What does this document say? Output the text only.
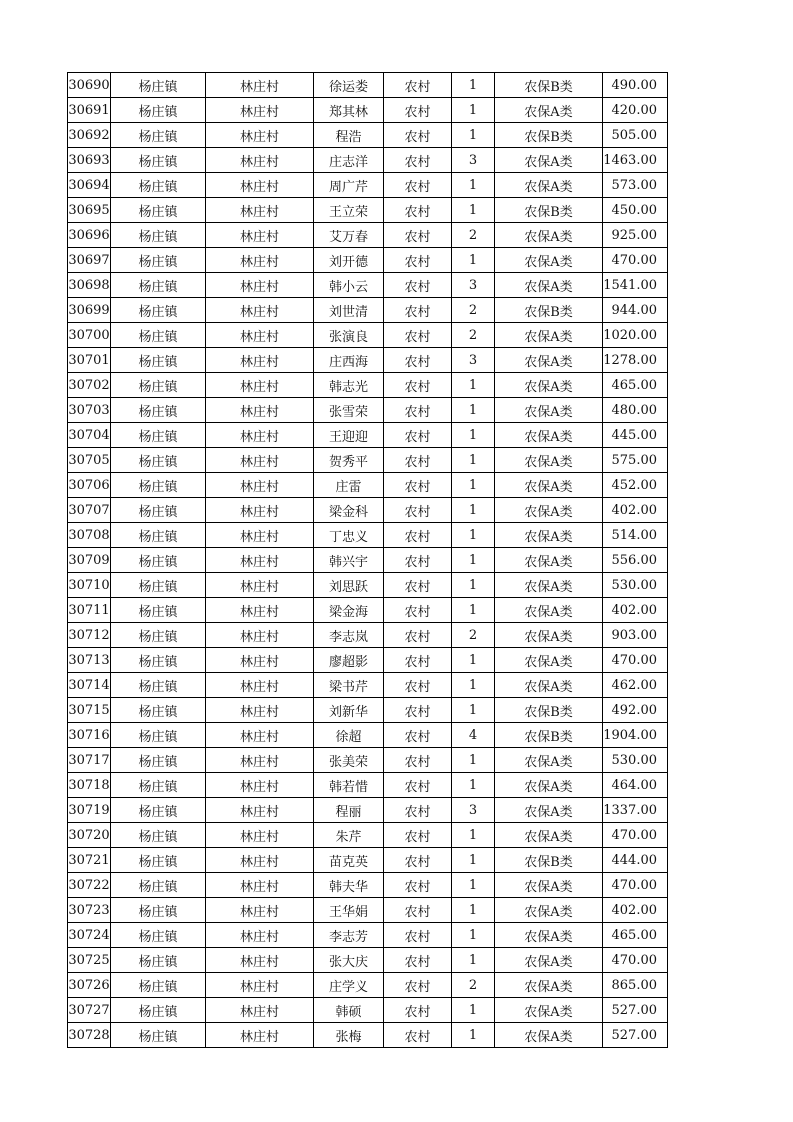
30690	杨庄镇	林庄村	徐运娄	农村	1	农保B类	490.00
30691	杨庄镇	林庄村	郑其林	农村	1	农保A类	420.00
30692	杨庄镇	林庄村	程浩	农村	1	农保B类	505.00
30693	杨庄镇	林庄村	庄志洋	农村	3	农保A类	1463.00
30694	杨庄镇	林庄村	周广芹	农村	1	农保A类	573.00
30695	杨庄镇	林庄村	王立荣	农村	1	农保B类	450.00
30696	杨庄镇	林庄村	艾万春	农村	2	农保A类	925.00
30697	杨庄镇	林庄村	刘开德	农村	1	农保A类	470.00
30698	杨庄镇	林庄村	韩小云	农村	3	农保A类	1541.00
30699	杨庄镇	林庄村	刘世清	农村	2	农保B类	944.00
30700	杨庄镇	林庄村	张演良	农村	2	农保A类	1020.00
30701	杨庄镇	林庄村	庄西海	农村	3	农保A类	1278.00
30702	杨庄镇	林庄村	韩志光	农村	1	农保A类	465.00
30703	杨庄镇	林庄村	张雪荣	农村	1	农保A类	480.00
30704	杨庄镇	林庄村	王迎迎	农村	1	农保A类	445.00
30705	杨庄镇	林庄村	贺秀平	农村	1	农保A类	575.00
30706	杨庄镇	林庄村	庄雷	农村	1	农保A类	452.00
30707	杨庄镇	林庄村	梁金科	农村	1	农保A类	402.00
30708	杨庄镇	林庄村	丁忠义	农村	1	农保A类	514.00
30709	杨庄镇	林庄村	韩兴宇	农村	1	农保A类	556.00
30710	杨庄镇	林庄村	刘思跃	农村	1	农保A类	530.00
30711	杨庄镇	林庄村	梁金海	农村	1	农保A类	402.00
30712	杨庄镇	林庄村	李志岚	农村	2	农保A类	903.00
30713	杨庄镇	林庄村	廖超影	农村	1	农保A类	470.00
30714	杨庄镇	林庄村	梁书芹	农村	1	农保A类	462.00
30715	杨庄镇	林庄村	刘新华	农村	1	农保B类	492.00
30716	杨庄镇	林庄村	徐超	农村	4	农保B类	1904.00
30717	杨庄镇	林庄村	张美荣	农村	1	农保A类	530.00
30718	杨庄镇	林庄村	韩若惜	农村	1	农保A类	464.00
30719	杨庄镇	林庄村	程丽	农村	3	农保A类	1337.00
30720	杨庄镇	林庄村	朱芹	农村	1	农保A类	470.00
30721	杨庄镇	林庄村	苗克英	农村	1	农保B类	444.00
30722	杨庄镇	林庄村	韩夫华	农村	1	农保A类	470.00
30723	杨庄镇	林庄村	王华娟	农村	1	农保A类	402.00
30724	杨庄镇	林庄村	李志芳	农村	1	农保A类	465.00
30725	杨庄镇	林庄村	张大庆	农村	1	农保A类	470.00
30726	杨庄镇	林庄村	庄学义	农村	2	农保A类	865.00
30727	杨庄镇	林庄村	韩硕	农村	1	农保A类	527.00
30728	杨庄镇	林庄村	张梅	农村	1	农保A类	527.00
